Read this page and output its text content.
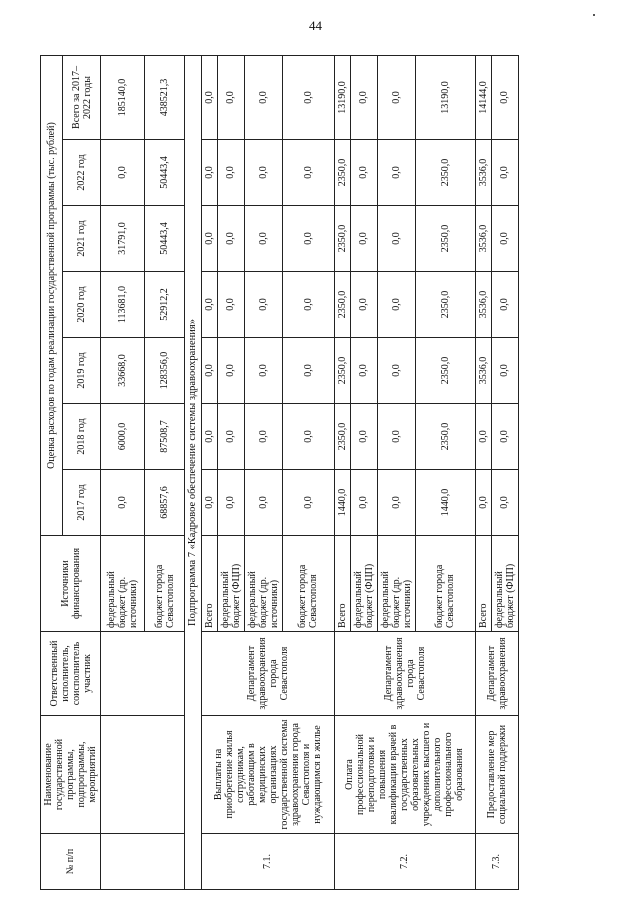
44
№ п/п	Наименование государственной программы, подпрограммы, мероприятий	Ответственный исполнитель, соисполнитель участник	Источники финансирования	Оценка расходов по годам реализации государственной программы (тыс. рублей)						
				2017 год	2018 год	2019 год	2020 год	2021 год	2022 год	Всего за 2017–2022 годы
			федеральный бюджет (др. источники)	0,0	6000,0	33668,0	113681,0	31791,0	0,0	185140,0
			бюджет города Севастополя	68857,6	87508,7	128356,0	52912,2	50443,4	50443,4	438521,3
Подпрограмма 7 «Кадровое обеспечение системы здравоохранения»										
7.1.	Выплаты на приобретение жилья сотрудникам, работающим в медицинских организациях государственной системы здравоохранения города Севастополя и нуждающимся в жилье	Департамент здравоохранения города Севастополя	Всего	0,0	0,0	0,0	0,0	0,0	0,0	0,0
			федеральный бюджет (ФЦП)	0,0	0,0	0,0	0,0	0,0	0,0	0,0
			федеральный бюджет (др. источники)	0,0	0,0	0,0	0,0	0,0	0,0	0,0
			бюджет города Севастополя	0,0	0,0	0,0	0,0	0,0	0,0	0,0
7.2.	Оплата профессиональной переподготовки и повышения квалификации врачей в государственных образовательных учреждениях высшего и дополнительного профессионального образования	Департамент здравоохранения города Севастополя	Всего	1440,0	2350,0	2350,0	2350,0	2350,0	2350,0	13190,0
			федеральный бюджет (ФЦП)	0,0	0,0	0,0	0,0	0,0	0,0	0,0
			федеральный бюджет (др. источники)	0,0	0,0	0,0	0,0	0,0	0,0	0,0
			бюджет города Севастополя	1440,0	2350,0	2350,0	2350,0	2350,0	2350,0	13190,0
7.3.	Предоставление мер социальной поддержки	Департамент здравоохранения	Всего	0,0	0,0	3536,0	3536,0	3536,0	3536,0	14144,0
			федеральный бюджет (ФЦП)	0,0	0,0	0,0	0,0	0,0	0,0	0,0
